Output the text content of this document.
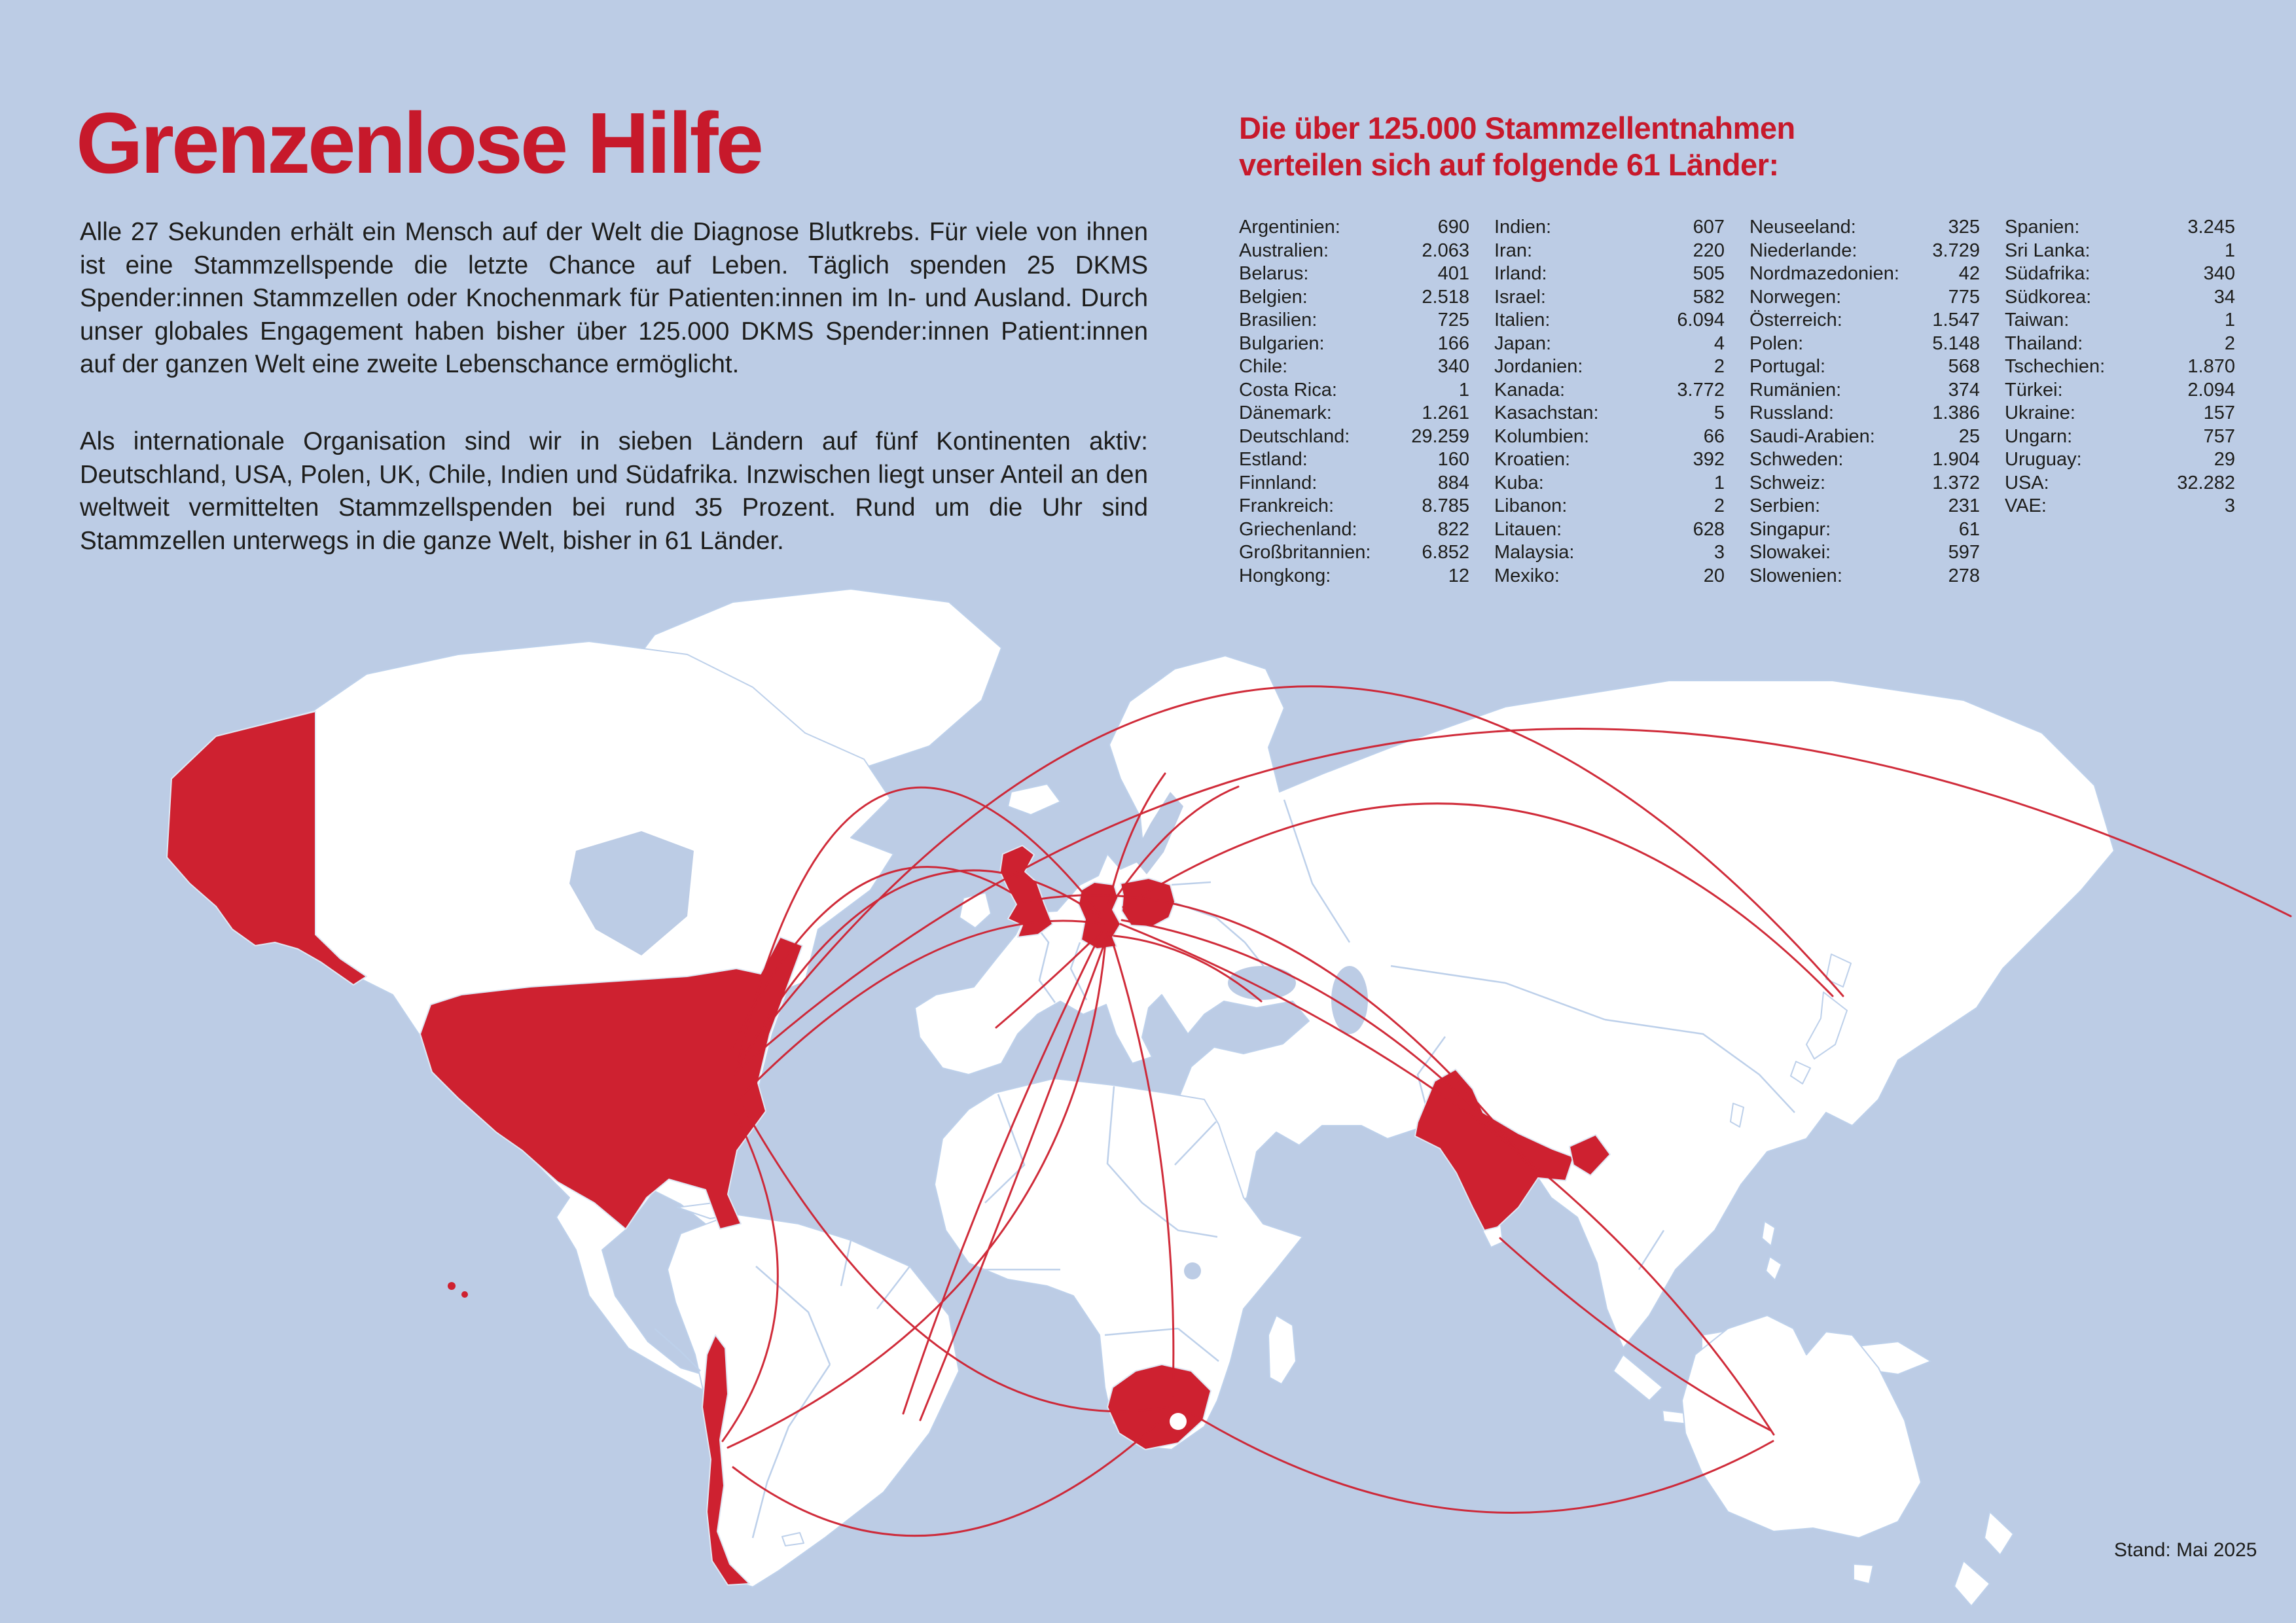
Grenzenlose Hilfe

Alle 27 Sekunden erhält ein Mensch auf der Welt die Diagnose Blutkrebs. Für viele von ihnen ist eine Stammzellspende die letzte Chance auf Leben. Täglich spenden 25 DKMS Spender:innen Stammzellen oder Knochenmark für Patienten:innen im In- und Ausland. Durch unser globales Engagement haben bisher über 125.000 DKMS Spender:innen Patient:innen auf der ganzen Welt eine zweite Lebenschance ermöglicht.

Als internationale Organisation sind wir in sieben Ländern auf fünf Kontinenten aktiv: Deutschland, USA, Polen, UK, Chile, Indien und Südafrika. Inzwischen liegt unser Anteil an den weltweit vermittelten Stammzellspenden bei rund 35 Prozent. Rund um die Uhr sind Stammzellen unterwegs in die ganze Welt, bisher in 61 Länder.

Die über 125.000 Stammzellentnahmen
verteilen sich auf folgende 61 Länder:
Argentinien:	690
Australien:	2.063
Belarus:	401
Belgien:	2.518
Brasilien:	725
Bulgarien:	166
Chile:	340
Costa Rica:	1
Dänemark:	1.261
Deutschland:	29.259
Estland:	160
Finnland:	884
Frankreich:	8.785
Griechenland:	822
Großbritannien:	6.852
Hongkong:	12
Indien:	607
Iran:	220
Irland:	505
Israel:	582
Italien:	6.094
Japan:	4
Jordanien:	2
Kanada:	3.772
Kasachstan:	5
Kolumbien:	66
Kroatien:	392
Kuba:	1
Libanon:	2
Litauen:	628
Malaysia:	3
Mexiko:	20
Neuseeland:	325
Niederlande:	3.729
Nordmazedonien:	42
Norwegen:	775
Österreich:	1.547
Polen:	5.148
Portugal:	568
Rumänien:	374
Russland:	1.386
Saudi-Arabien:	25
Schweden:	1.904
Schweiz:	1.372
Serbien:	231
Singapur:	61
Slowakei:	597
Slowenien:	278
Spanien:	3.245
Sri Lanka:	1
Südafrika:	340
Südkorea:	34
Taiwan:	1
Thailand:	2
Tschechien:	1.870
Türkei:	2.094
Ukraine:	157
Ungarn:	757
Uruguay:	29
USA:	32.282
VAE:	3
Stand: Mai 2025
